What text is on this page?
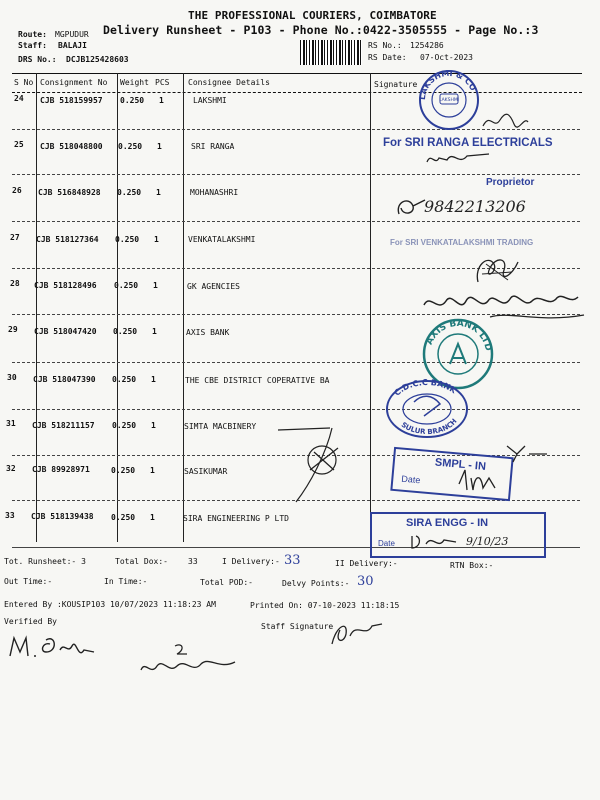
THE PROFESSIONAL COURIERS, COIMBATORE
Delivery Runsheet - P103 - Phone No.:0422-3505555 - Page No.:3
Route: MGPUDUR
Staff: BALAJI
DRS No.: DCJB125428603
RS No.: 1254286
RS Date: 07-Oct-2023
S No Consignment No Weight PCS Consignee Details	Signature
24 CJB 518159957 0.250 1	LAKSHMI
25 CJB 518048800 0.250 1	SRI RANGA
26 CJB 516848928 0.250 1	MOHANASHRI
27 CJB 518127364 0.250 1	VENKATALAKSHMI
28 CJB 518128496 0.250 1	GK AGENCIES
29 CJB 518047420 0.250 1	AXIS BANK
30 CJB 518047390 0.250 1	THE CBE DISTRICT COPERATIVE BA
31 CJB 518211157 0.250 1	SIMTA MACBINERY
32 CJB 89928971	0.250 1	SASIKUMAR
33 CJB 518139438 0.250 1	SIRA ENGINEERING P LTD
Tot. Runsheet:- 3	Total Dox:-	33	I Delivery:- 33	II Delivery:-	RTN Box:-
Out Time:-	In Time:-	Total POD:-	Delvy Points:- 30
Entered By :KOUSIP103 10/07/2023 11:18:23 AM	Printed On: 07-10-2023 11:18:15
Verified By
Staff Signature
LAKSHMI & CO
LAKSHMI
For SRI RANGA ELECTRICALS
Proprietor
9842213206
For SRI VENKATALAKSHMI TRADING
AXIS BANK LTD
C.D.C.C BANK
SULUR BRANCH
SMPL - IN
Date
SIRA ENGG - IN
Date	9/10/23
